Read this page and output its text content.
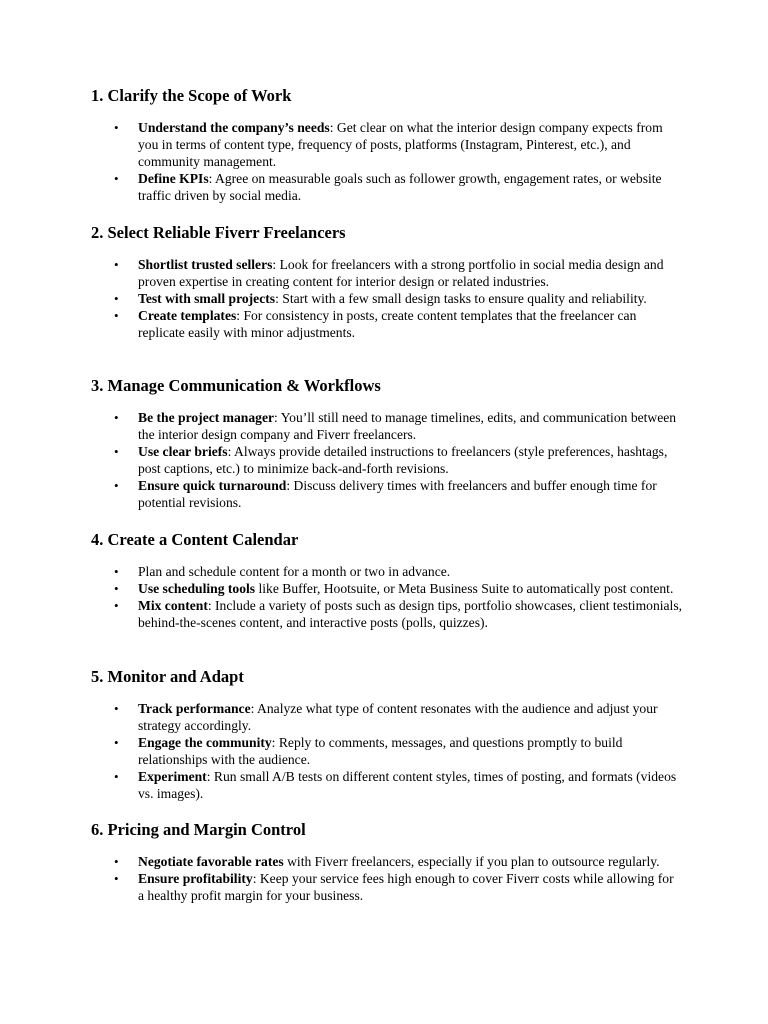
1. Clarify the Scope of Work
• Understand the company’s needs: Get clear on what the interior design company expects from you in terms of content type, frequency of posts, platforms (Instagram, Pinterest, etc.), and community management.
• Define KPIs: Agree on measurable goals such as follower growth, engagement rates, or website traffic driven by social media.
2. Select Reliable Fiverr Freelancers
• Shortlist trusted sellers: Look for freelancers with a strong portfolio in social media design and proven expertise in creating content for interior design or related industries.
• Test with small projects: Start with a few small design tasks to ensure quality and reliability.
• Create templates: For consistency in posts, create content templates that the freelancer can replicate easily with minor adjustments.
3. Manage Communication & Workflows
• Be the project manager: You’ll still need to manage timelines, edits, and communication between the interior design company and Fiverr freelancers.
• Use clear briefs: Always provide detailed instructions to freelancers (style preferences, hashtags, post captions, etc.) to minimize back-and-forth revisions.
• Ensure quick turnaround: Discuss delivery times with freelancers and buffer enough time for potential revisions.
4. Create a Content Calendar
• Plan and schedule content for a month or two in advance.
• Use scheduling tools like Buffer, Hootsuite, or Meta Business Suite to automatically post content.
• Mix content: Include a variety of posts such as design tips, portfolio showcases, client testimonials, behind-the-scenes content, and interactive posts (polls, quizzes).
5. Monitor and Adapt
• Track performance: Analyze what type of content resonates with the audience and adjust your strategy accordingly.
• Engage the community: Reply to comments, messages, and questions promptly to build relationships with the audience.
• Experiment: Run small A/B tests on different content styles, times of posting, and formats (videos vs. images).
6. Pricing and Margin Control
• Negotiate favorable rates with Fiverr freelancers, especially if you plan to outsource regularly.
• Ensure profitability: Keep your service fees high enough to cover Fiverr costs while allowing for a healthy profit margin for your business.
